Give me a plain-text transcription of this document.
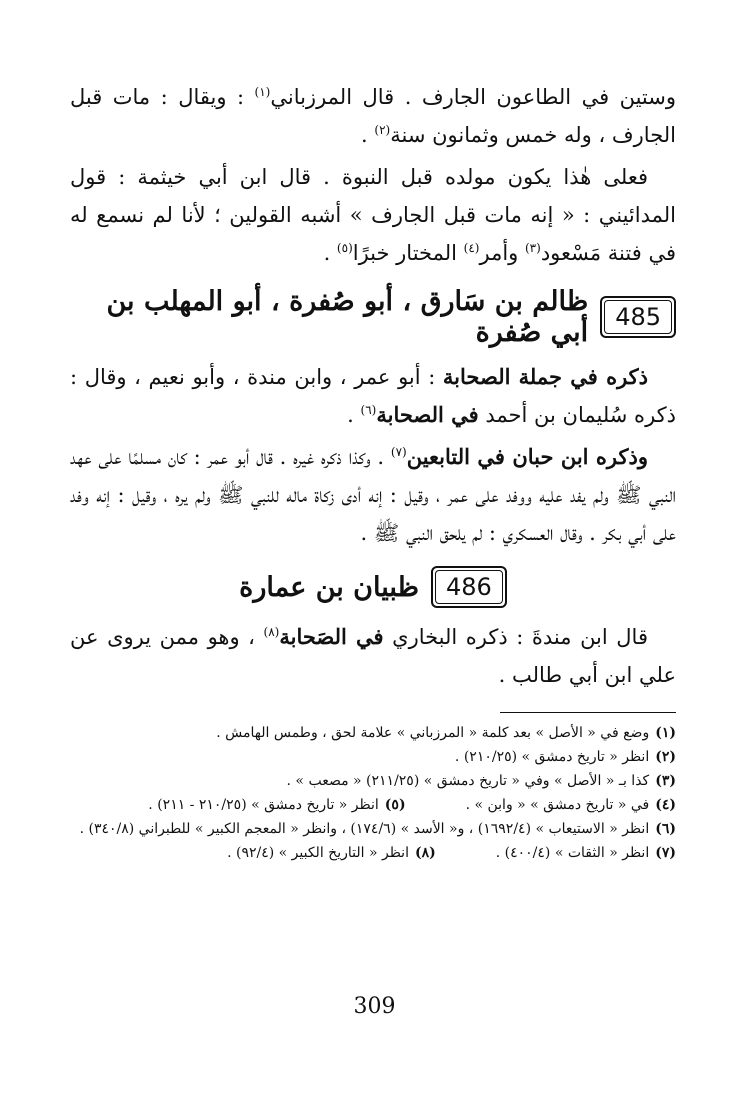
وستين في الطاعون الجارف . قال المرزباني$^{(١)}$ : ويقال : مات قبل الجارف ، وله خمس وثمانون سنة$^{(٢)}$ .

فعلى هٰذا يكون مولده قبل النبوة . قال ابن أبي خيثمة : قول المدائيني : « إنه مات قبل الجارف » أشبه القولين ؛ لأنا لم نسمع له في فتنة مَسْعود$^{(٣)}$ وأمر$^{(٤)}$ المختار خبرًا$^{(٥)}$ .

485
ظالم بن سَارق ، أبو صُفرة ، أبو المهلب بن أبي صُفرة

ذكره في جملة الصحابة : أبو عمر ، وابن مندة ، وأبو نعيم ، وقال : ذكره سُليمان بن أحمد في الصحابة$^{(٦)}$ .

وذكره ابن حبان في التابعين$^{(٧)}$ . وكذا ذكره غيره . قال أبو عمر : كان مسلمًا على عهد النبي ﷺ ولم يفد عليه ووفد على عمر ، وقيل : إنه أدى زكاة ماله للنبي ﷺ ولم يره ، وقيل : إنه وفد على أبي بكر . وقال العسكري : لم يلحق النبي ﷺ .

486
ظبيان بن عمارة

قال ابن مندةَ : ذكره البخاري في الصَحابة$^{(٨)}$ ، وهو ممن يروى عن علي ابن أبي طالب .

(١)
وضع في « الأصل » بعد كلمة « المرزباني » علامة لحق ، وطمس الهامش .
(٢)
انظر « تاريخ دمشق » (٢١٠/٢٥) .
(٣)
كذا بـ « الأصل » وفي « تاريخ دمشق » (٢١١/٢٥) « مصعب » .
(٤)
في « تاريخ دمشق » « وابن » .
(٥)
انظر « تاريخ دمشق » (٢١٠/٢٥ - ٢١١) .
(٦)
انظر « الاستيعاب » (١٦٩٢/٤) ، و« الأسد » (١٧٤/٦) ، وانظر « المعجم الكبير » للطبراني (٣٤٠/٨) .
(٧)
انظر « الثقات » (٤٠٠/٤) .
(٨)
انظر « التاريخ الكبير » (٩٢/٤) .
309
